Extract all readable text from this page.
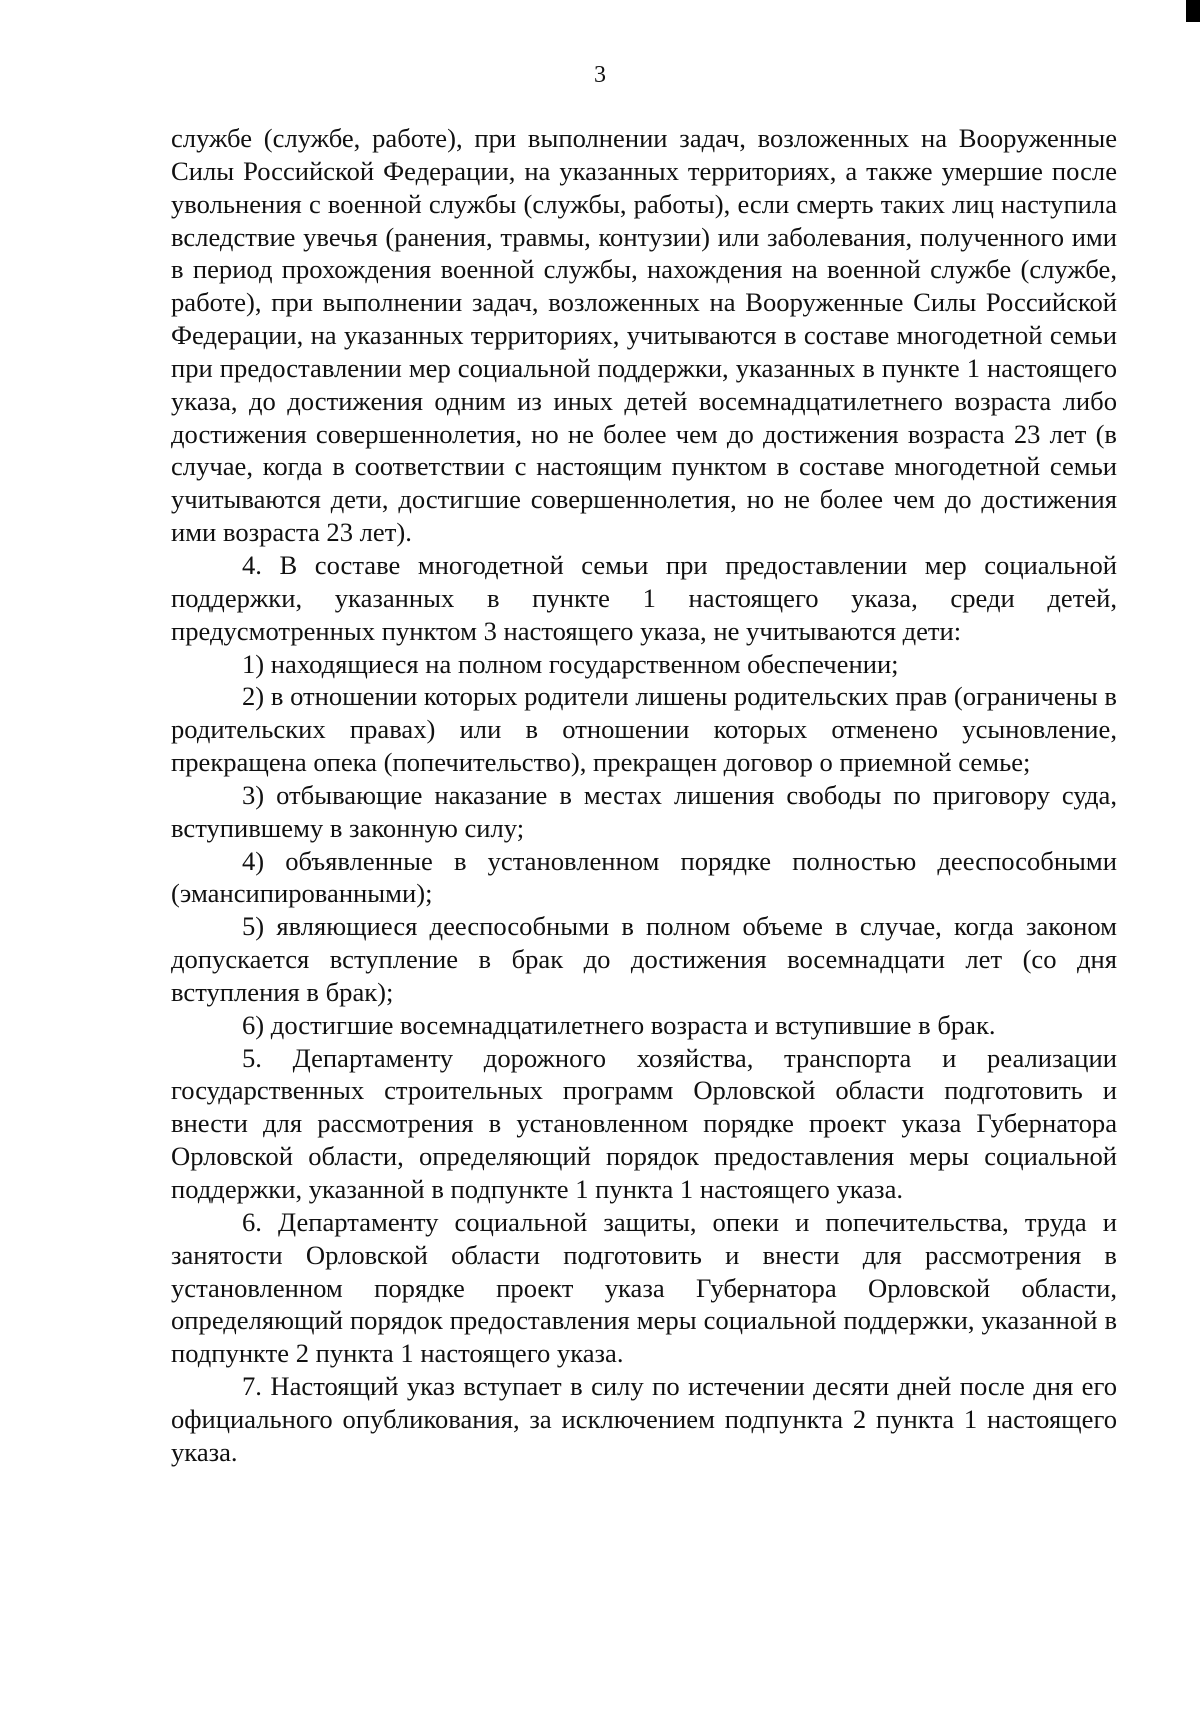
3

службе (службе, работе), при выполнении задач, возложенных на Вооруженные Силы Российской Федерации, на указанных территориях, а также умершие после увольнения с военной службы (службы, работы), если смерть таких лиц наступила вследствие увечья (ранения, травмы, контузии) или заболевания, полученного ими в период прохождения военной службы, нахождения на военной службе (службе, работе), при выполнении задач, возложенных на Вооруженные Силы Российской Федерации, на указанных территориях, учитываются в составе многодетной семьи при предоставлении мер социальной поддержки, указанных в пункте 1 настоящего указа, до достижения одним из иных детей восемнадцатилетнего возраста либо достижения совершеннолетия, но не более чем до достижения возраста 23 лет (в случае, когда в соответствии с настоящим пунктом в составе многодетной семьи учитываются дети, достигшие совершеннолетия, но не более чем до достижения ими возраста 23 лет).

4. В составе многодетной семьи при предоставлении мер социальной поддержки, указанных в пункте 1 настоящего указа, среди детей, предусмотренных пунктом 3 настоящего указа, не учитываются дети:

1) находящиеся на полном государственном обеспечении;

2) в отношении которых родители лишены родительских прав (ограничены в родительских правах) или в отношении которых отменено усыновление, прекращена опека (попечительство), прекращен договор о приемной семье;

3) отбывающие наказание в местах лишения свободы по приговору суда, вступившему в законную силу;

4) объявленные в установленном порядке полностью дееспособными (эмансипированными);

5) являющиеся дееспособными в полном объеме в случае, когда законом допускается вступление в брак до достижения восемнадцати лет (со дня вступления в брак);

6) достигшие восемнадцатилетнего возраста и вступившие в брак.

5. Департаменту дорожного хозяйства, транспорта и реализации государственных строительных программ Орловской области подготовить и внести для рассмотрения в установленном порядке проект указа Губернатора Орловской области, определяющий порядок предоставления меры социальной поддержки, указанной в подпункте 1 пункта 1 настоящего указа.

6. Департаменту социальной защиты, опеки и попечительства, труда и занятости Орловской области подготовить и внести для рассмотрения в установленном порядке проект указа Губернатора Орловской области, определяющий порядок предоставления меры социальной поддержки, указанной в подпункте 2 пункта 1 настоящего указа.

7. Настоящий указ вступает в силу по истечении десяти дней после дня его официального опубликования, за исключением подпункта 2 пункта 1 настоящего указа.
